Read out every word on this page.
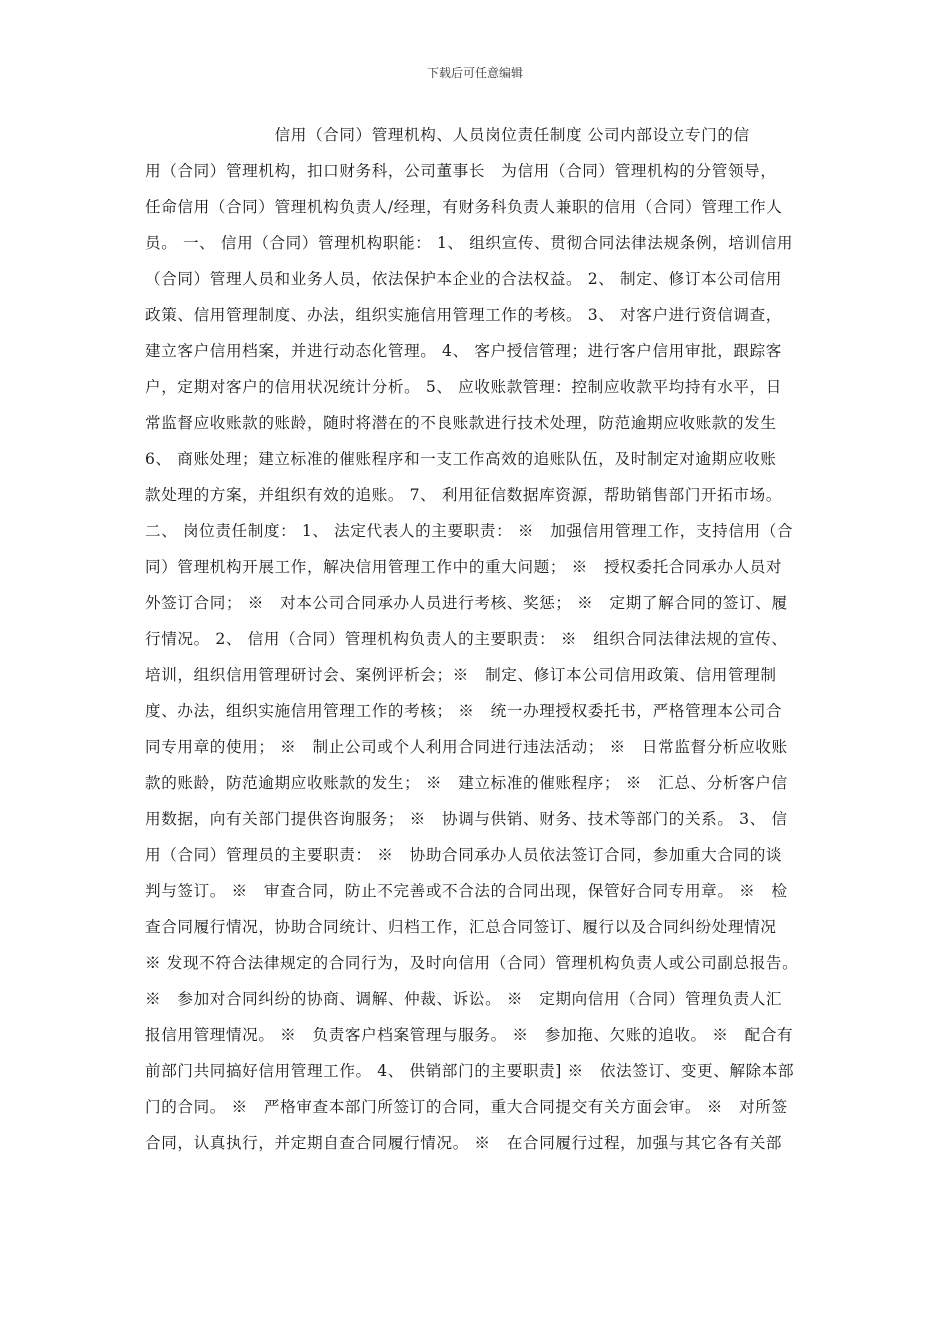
下载后可任意编辑
　　　　　　　　信用（合同）管理机构、人员岗位责任制度 公司内部设立专门的信
用（合同）管理机构，扣口财务科，公司董事长　为信用（合同）管理机构的分管领导，
任命信用（合同）管理机构负责人/经理，有财务科负责人兼职的信用（合同）管理工作人
员。 一、 信用（合同）管理机构职能： 1、 组织宣传、贯彻合同法律法规条例，培训信用
（合同）管理人员和业务人员，依法保护本企业的合法权益。 2、 制定、修订本公司信用
政策、信用管理制度、办法，组织实施信用管理工作的考核。 3、 对客户进行资信调查，
建立客户信用档案，并进行动态化管理。 4、 客户授信管理；进行客户信用审批，跟踪客
户，定期对客户的信用状况统计分析。 5、 应收账款管理：控制应收款平均持有水平，日
常监督应收账款的账龄，随时将潜在的不良账款进行技术处理，防范逾期应收账款的发生
6、 商账处理；建立标准的催账程序和一支工作高效的追账队伍，及时制定对逾期应收账
款处理的方案，并组织有效的追账。 7、 利用征信数据库资源，帮助销售部门开拓市场。
二、 岗位责任制度： 1、 法定代表人的主要职责： ※　加强信用管理工作，支持信用（合
同）管理机构开展工作，解决信用管理工作中的重大问题； ※　授权委托合同承办人员对
外签订合同； ※　对本公司合同承办人员进行考核、奖惩； ※　定期了解合同的签订、履
行情况。 2、 信用（合同）管理机构负责人的主要职责： ※　组织合同法律法规的宣传、
培训，组织信用管理研讨会、案例评析会；※　制定、修订本公司信用政策、信用管理制
度、办法，组织实施信用管理工作的考核； ※　统一办理授权委托书，严格管理本公司合
同专用章的使用； ※　制止公司或个人利用合同进行违法活动； ※　日常监督分析应收账
款的账龄，防范逾期应收账款的发生； ※　建立标准的催账程序； ※　汇总、分析客户信
用数据，向有关部门提供咨询服务； ※　协调与供销、财务、技术等部门的关系。 3、 信
用（合同）管理员的主要职责： ※　协助合同承办人员依法签订合同，参加重大合同的谈
判与签订。 ※　审查合同，防止不完善或不合法的合同出现，保管好合同专用章。 ※　检
查合同履行情况，协助合同统计、归档工作，汇总合同签订、履行以及合同纠纷处理情况
※ 发现不符合法律规定的合同行为，及时向信用（合同）管理机构负责人或公司副总报告。
※　参加对合同纠纷的协商、调解、仲裁、诉讼。 ※　定期向信用（合同）管理负责人汇
报信用管理情况。 ※　负责客户档案管理与服务。 ※　参加拖、欠账的追收。 ※　配合有
前部门共同搞好信用管理工作。 4、 供销部门的主要职责] ※　依法签订、变更、解除本部
门的合同。 ※　严格审查本部门所签订的合同，重大合同提交有关方面会审。 ※　对所签
合同，认真执行，并定期自查合同履行情况。 ※　在合同履行过程，加强与其它各有关部
